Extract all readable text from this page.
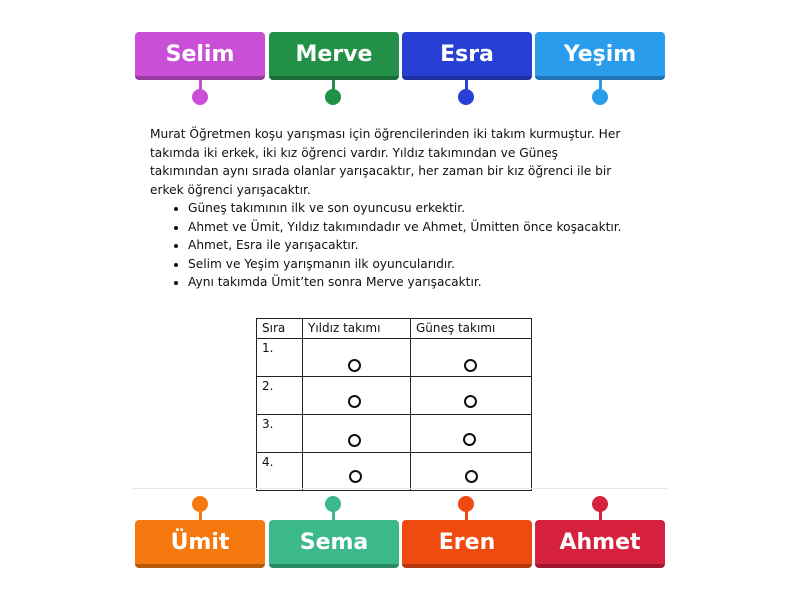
Selim	Merve	Esra	Yeşim

Murat Öğretmen koşu yarışması için öğrencilerinden iki takım kurmuştur. Her takımda iki erkek, iki kız öğrenci vardır. Yıldız takımından ve Güneş takımından aynı sırada olanlar yarışacaktır, her zaman bir kız öğrenci ile bir erkek öğrenci yarışacaktır.

• Güneş takımının ilk ve son oyuncusu erkektir.
• Ahmet ve Ümit, Yıldız takımındadır ve Ahmet, Ümitten önce koşacaktır.
• Ahmet, Esra ile yarışacaktır.
• Selim ve Yeşim yarışmanın ilk oyuncularıdır.
• Aynı takımda Ümit’ten sonra Merve yarışacaktır.
Sıra	Yıldız takımı	Güneş takımı
1.	

2.	

3.	

4.	

Ümit	Sema	Eren	Ahmet
